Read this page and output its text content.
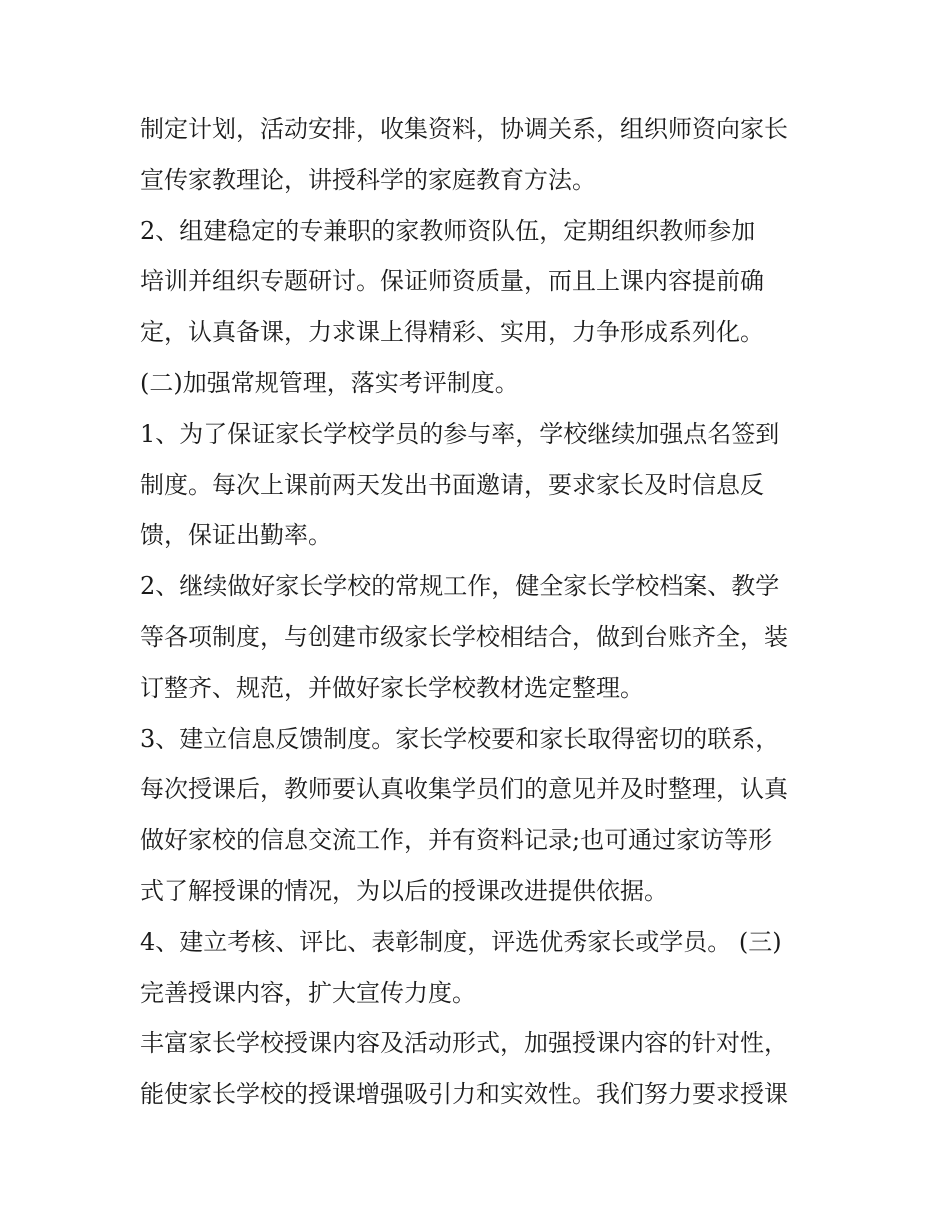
制定计划，活动安排，收集资料，协调关系，组织师资向家长
宣传家教理论，讲授科学的家庭教育方法。
2、组建稳定的专兼职的家教师资队伍，定期组织教师参加
培训并组织专题研讨。保证师资质量，而且上课内容提前确
定，认真备课，力求课上得精彩、实用，力争形成系列化。
(二)加强常规管理，落实考评制度。
1、为了保证家长学校学员的参与率，学校继续加强点名签到
制度。每次上课前两天发出书面邀请，要求家长及时信息反
馈，保证出勤率。
2、继续做好家长学校的常规工作，健全家长学校档案、教学
等各项制度，与创建市级家长学校相结合，做到台账齐全，装
订整齐、规范，并做好家长学校教材选定整理。
3、建立信息反馈制度。家长学校要和家长取得密切的联系，
每次授课后，教师要认真收集学员们的意见并及时整理，认真
做好家校的信息交流工作，并有资料记录;也可通过家访等形
式了解授课的情况，为以后的授课改进提供依据。
4、建立考核、评比、表彰制度，评选优秀家长或学员。 (三)
完善授课内容，扩大宣传力度。
丰富家长学校授课内容及活动形式，加强授课内容的针对性，
能使家长学校的授课增强吸引力和实效性。我们努力要求授课
